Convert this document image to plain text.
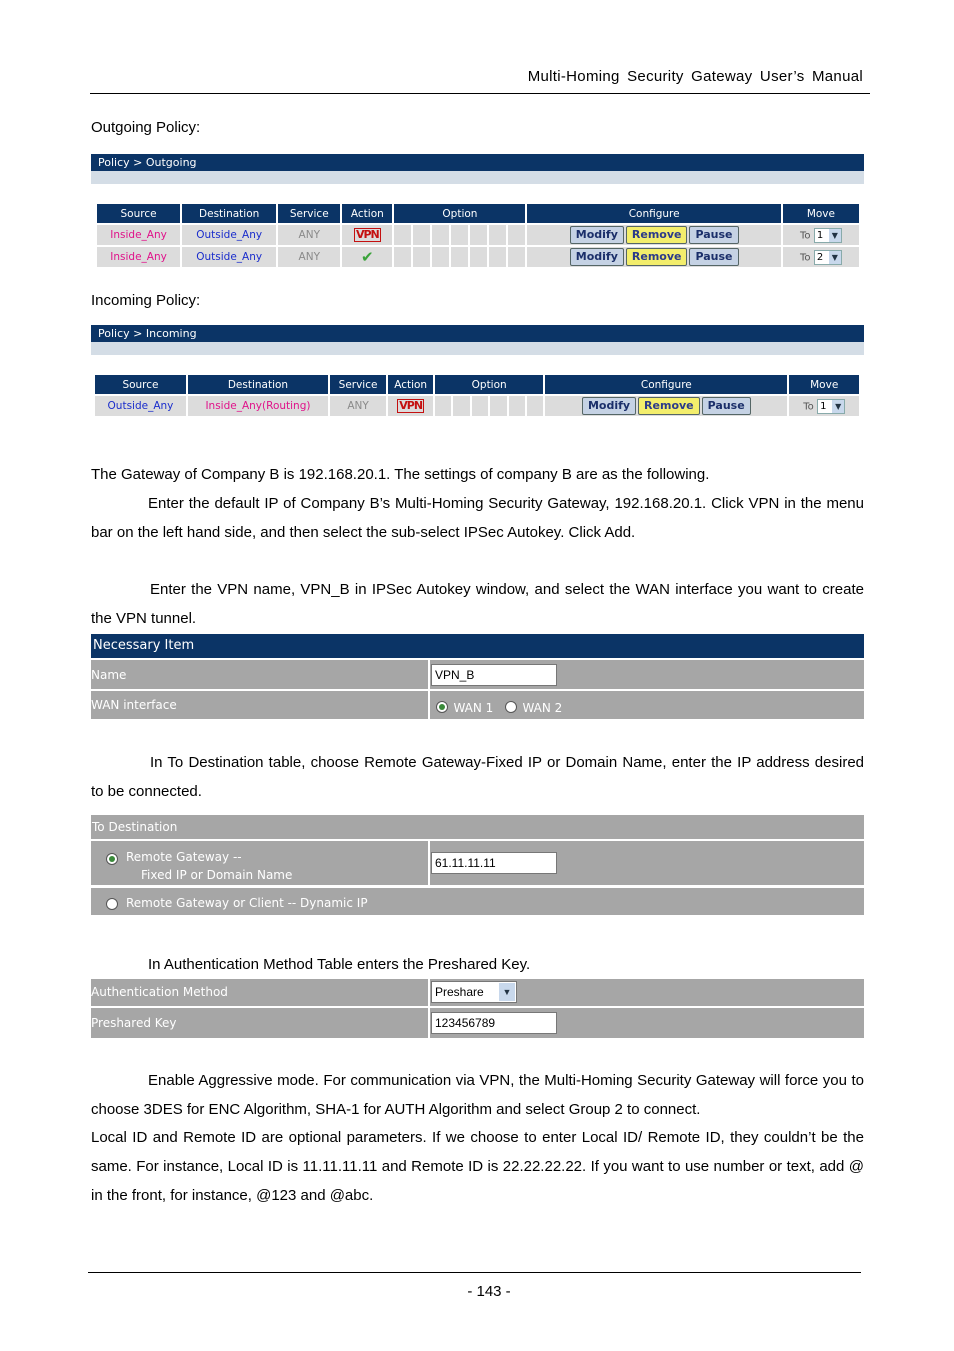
Multi-Homing Security Gateway User’s Manual
Outgoing Policy:
Policy > Outgoing
Source	Destination	Service	Action	Option							Configure	Move
Inside_Any	Outside_Any	ANY	VPN								Modify Remove Pause	To 1 ▼

Inside_Any	Outside_Any	ANY	✔								Modify Remove Pause	To 2 ▼
Incoming Policy:
Policy > Incoming
Source	Destination	Service	Action	Option						Configure	Move
Outside_Any	Inside_Any(Routing)	ANY	VPN							Modify Remove Pause	To 1 ▼
The Gateway of Company B is 192.168.20.1. The settings of company B are as the following.
Enter the default IP of Company B’s Multi-Homing Security Gateway, 192.168.20.1. Click VPN in the menu bar on the left hand side, and then select the sub-select IPSec Autokey. Click Add.
Enter the VPN name, VPN_B in IPSec Autokey window, and select the WAN interface you want to create the VPN tunnel.
Necessary Item
Name	VPN_B
WAN interface	WAN 1	WAN 2
In To Destination table, choose Remote Gateway-Fixed IP or Domain Name, enter the IP address desired to be connected.
To Destination
Remote Gateway --
Fixed IP or Domain Name
61.11.11.11
Remote Gateway or Client -- Dynamic IP
In Authentication Method Table enters the Preshared Key.
Authentication Method	Preshare	▼
Preshared Key	123456789
Enable Aggressive mode. For communication via VPN, the Multi-Homing Security Gateway will force you to choose 3DES for ENC Algorithm, SHA-1 for AUTH Algorithm and select Group 2 to connect.
Local ID and Remote ID are optional parameters. If we choose to enter Local ID/ Remote ID, they couldn’t be the same. For instance, Local ID is 11.11.11.11 and Remote ID is 22.22.22.22. If you want to use number or text, add @ in the front, for instance, @123 and @abc.
- 143 -
